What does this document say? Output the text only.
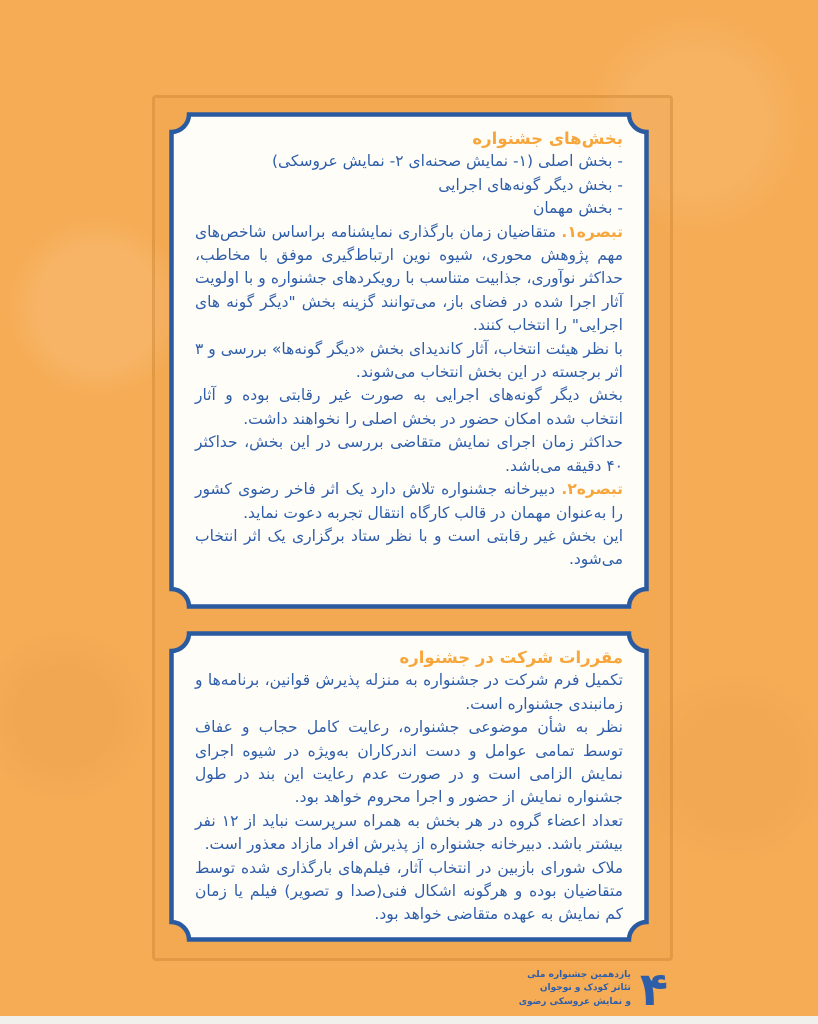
بخش‌های جشنواره
- بخش اصلی (۱- نمایش صحنه‌ای ۲- نمایش عروسکی)
- بخش دیگر گونه‌های اجرایی
- بخش مهمان

تبصره۱. متقاضیان زمان بارگذاری نمایشنامه براساس شاخص‌های مهم پژوهش محوری، شیوه نوین ارتباط‌گیری موفق با مخاطب، حداکثر نوآوری، جذابیت متناسب با رویکردهای جشنواره و با اولویت آثار اجرا شده در فضای باز، می‌توانند گزینه بخش "دیگر گونه های اجرایی" را انتخاب کنند.

با نظر هیئت انتخاب، آثار کاندیدای بخش «دیگر گونه‌ها» بررسی و ۳ اثر برجسته در این بخش انتخاب می‌شوند.

بخش دیگر گونه‌های اجرایی به صورت غیر رقابتی بوده و آثار انتخاب شده امکان حضور در بخش اصلی را نخواهند داشت.

حداکثر زمان اجرای نمایش متقاضی بررسی در این بخش، حداکثر ۴۰ دقیقه می‌باشد.

تبصره۲. دبیرخانه جشنواره تلاش دارد یک اثر فاخر رضوی کشور را به‌عنوان مهمان در قالب کارگاه انتقال تجربه دعوت نماید.

این بخش غیر رقابتی است و با نظر ستاد برگزاری یک اثر انتخاب می‌شود.

مقررات شرکت در جشنواره

تکمیل فرم شرکت در جشنواره به منزله پذیرش قوانین، برنامه‌ها و زمانبندی جشنواره است.

نظر به شأن موضوعی جشنواره، رعایت کامل حجاب و عفاف توسط تمامی عوامل و دست اندرکاران به‌ویژه در شیوه اجرای نمایش الزامی است و در صورت عدم رعایت این بند در طول جشنواره نمایش از حضور و اجرا محروم خواهد بود.

تعداد اعضاء گروه در هر بخش به همراه سرپرست نباید از ۱۲ نفر بیشتر باشد. دبیرخانه جشنواره از پذیرش افراد مازاد معذور است.

ملاک شورای بازبین در انتخاب آثار، فیلم‌های بارگذاری شده توسط متقاضیان بوده و هرگونه اشکال فنی(صدا و تصویر) فیلم یا زمان کم نمایش به عهده متقاضی خواهد بود.

۴
یازدهمین جشنواره ملی
تئاتر کودک و نوجوان
و نمایش عروسکی رضوی
